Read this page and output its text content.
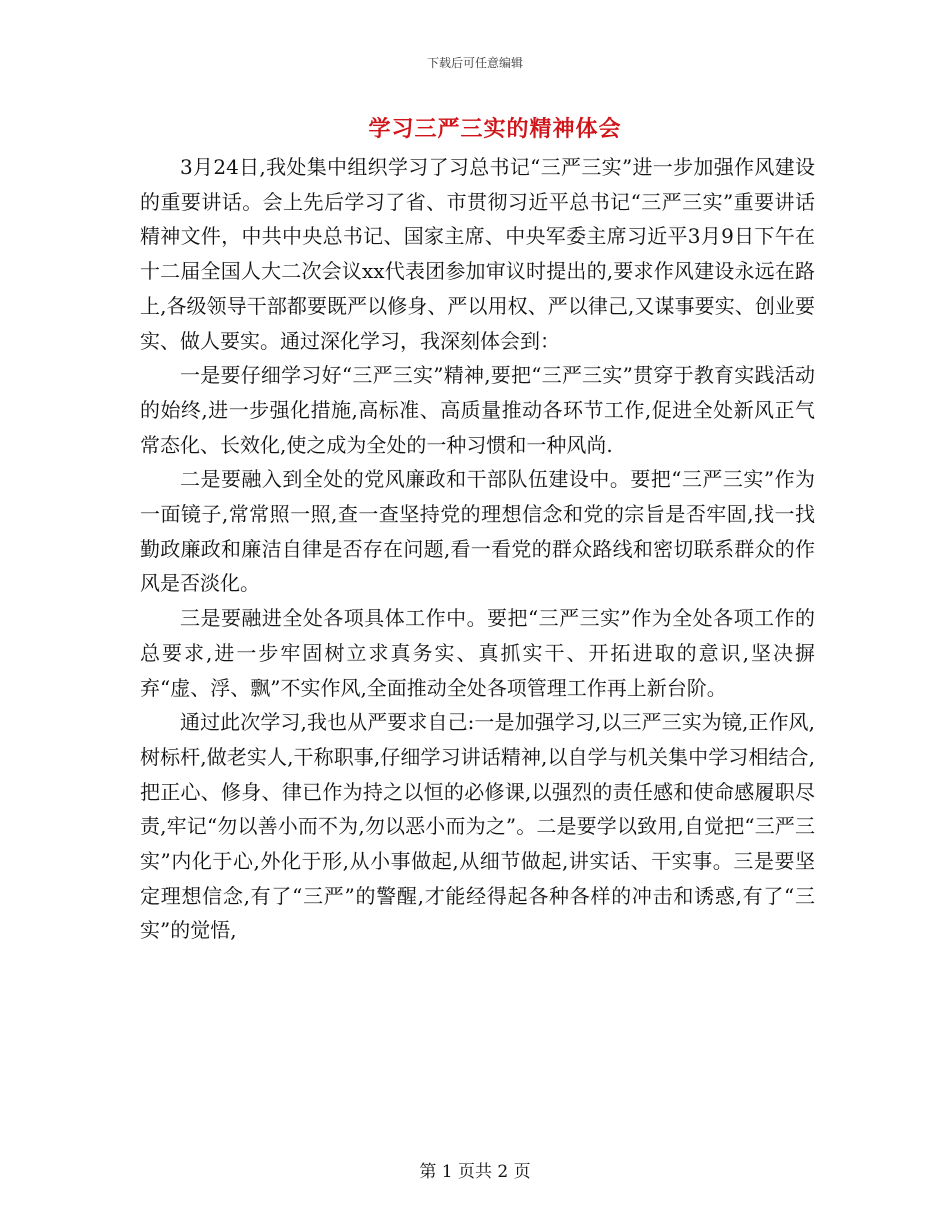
下载后可任意编辑
学习三严三实的精神体会

3月24日,我处集中组织学习了习总书记“三严三实”进一步加强作风建设的重要讲话。会上先后学习了省、市贯彻习近平总书记“三严三实”重要讲话精神文件，中共中央总书记、国家主席、中央军委主席习近平3月9日下午在十二届全国人大二次会议xx代表团参加审议时提出的,要求作风建设永远在路上,各级领导干部都要既严以修身、严以用权、严以律己,又谋事要实、创业要实、做人要实。通过深化学习，我深刻体会到：

一是要仔细学习好“三严三实”精神,要把“三严三实”贯穿于教育实践活动的始终,进一步强化措施,高标准、高质量推动各环节工作,促进全处新风正气常态化、长效化,使之成为全处的一种习惯和一种风尚.

二是要融入到全处的党风廉政和干部队伍建设中。要把“三严三实”作为一面镜子,常常照一照,查一查坚持党的理想信念和党的宗旨是否牢固,找一找勤政廉政和廉洁自律是否存在问题,看一看党的群众路线和密切联系群众的作风是否淡化。

三是要融进全处各项具体工作中。要把“三严三实”作为全处各项工作的总要求,进一步牢固树立求真务实、真抓实干、开拓进取的意识,坚决摒弃“虚、浮、飘”不实作风,全面推动全处各项管理工作再上新台阶。

通过此次学习,我也从严要求自己:一是加强学习,以三严三实为镜,正作风,树标杆,做老实人,干称职事,仔细学习讲话精神,以自学与机关集中学习相结合,把正心、修身、律已作为持之以恒的必修课,以强烈的责任感和使命感履职尽责,牢记“勿以善小而不为,勿以恶小而为之”。二是要学以致用,自觉把“三严三实”内化于心,外化于形,从小事做起,从细节做起,讲实话、干实事。三是要坚定理想信念,有了“三严”的警醒,才能经得起各种各样的冲击和诱惑,有了“三实”的觉悟,

第 1 页共 2 页
